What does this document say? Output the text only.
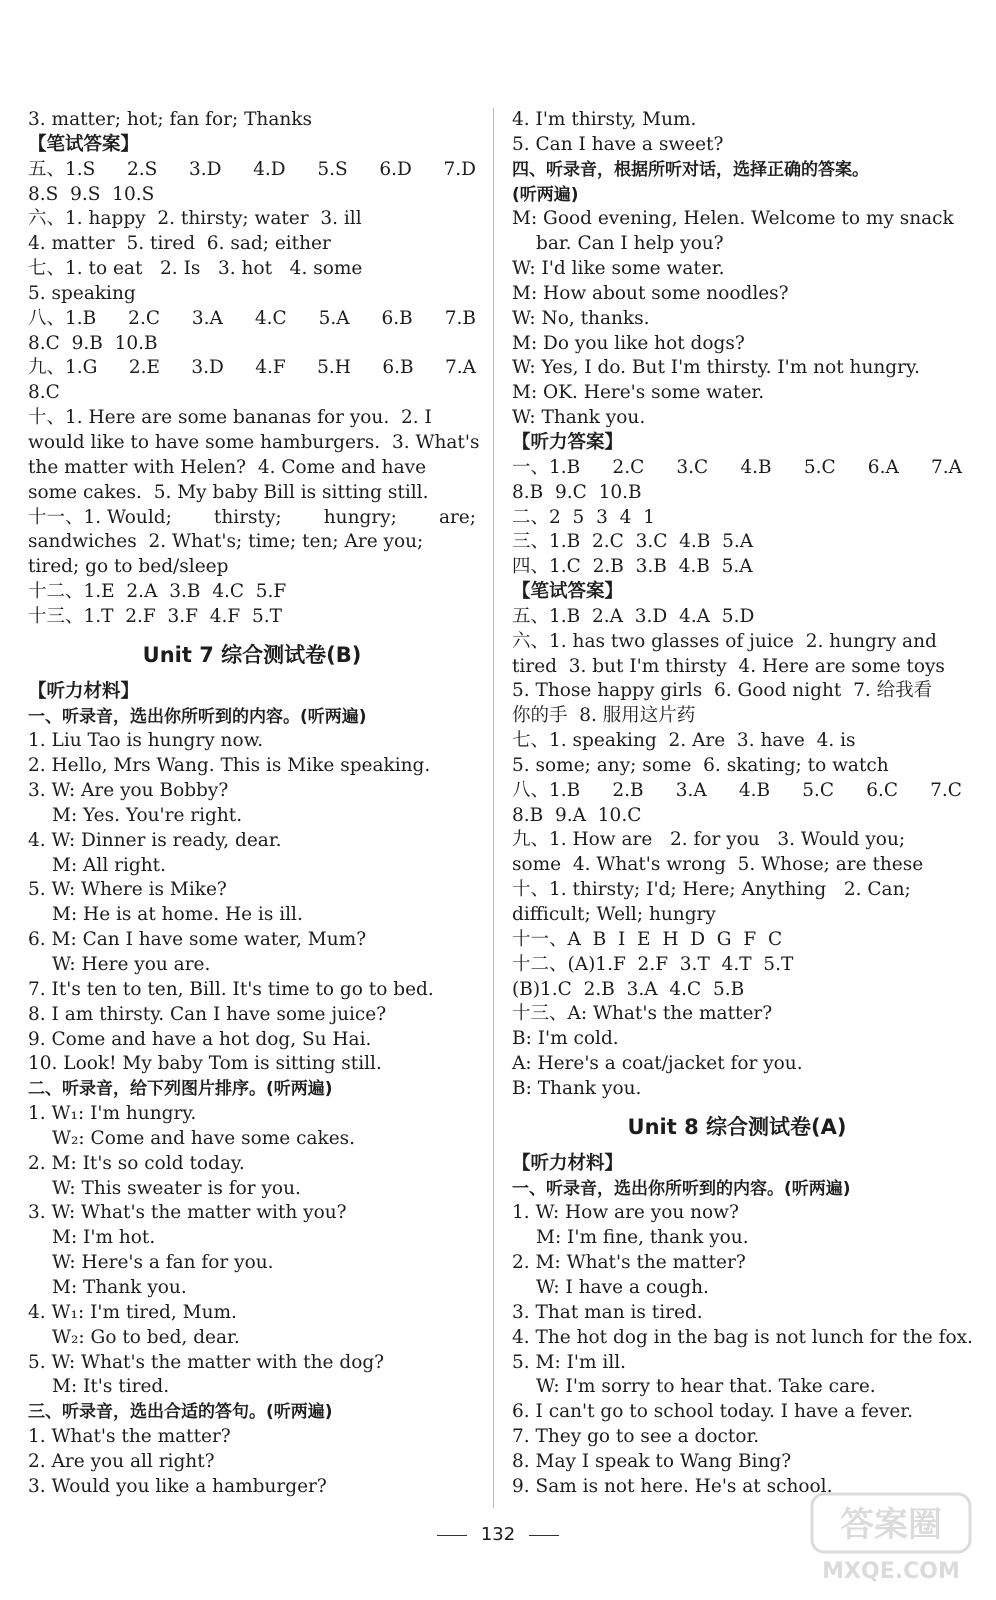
3. matter; hot; fan for; Thanks
【笔试答案】
五、1.S 2.S 3.D 4.D 5.S 6.D 7.D
8.S  9.S  10.S
六、1. happy  2. thirsty; water  3. ill
4. matter  5. tired  6. sad; either
七、1. to eat   2. Is   3. hot   4. some
5. speaking
八、1.B 2.C 3.A 4.C 5.A 6.B 7.B
8.C  9.B  10.B
九、1.G 2.E 3.D 4.F 5.H 6.B 7.A
8.C
十、1. Here are some bananas for you.  2. I
would like to have some hamburgers.  3. What's
the matter with Helen?  4. Come and have
some cakes.  5. My baby Bill is sitting still.
十一、1. Would; thirsty; hungry; are;
sandwiches  2. What's; time; ten; Are you;
tired; go to bed/sleep
十二、1.E  2.A  3.B  4.C  5.F
十三、1.T  2.F  3.F  4.F  5.T
Unit 7 综合测试卷(B)
【听力材料】
一、听录音，选出你所听到的内容。(听两遍)
1. Liu Tao is hungry now.
2. Hello, Mrs Wang. This is Mike speaking.
3. W: Are you Bobby?
M: Yes. You're right.
4. W: Dinner is ready, dear.
M: All right.
5. W: Where is Mike?
M: He is at home. He is ill.
6. M: Can I have some water, Mum?
W: Here you are.
7. It's ten to ten, Bill. It's time to go to bed.
8. I am thirsty. Can I have some juice?
9. Come and have a hot dog, Su Hai.
10. Look! My baby Tom is sitting still.
二、听录音，给下列图片排序。(听两遍)
1. W₁: I'm hungry.
W₂: Come and have some cakes.
2. M: It's so cold today.
W: This sweater is for you.
3. W: What's the matter with you?
M: I'm hot.
W: Here's a fan for you.
M: Thank you.
4. W₁: I'm tired, Mum.
W₂: Go to bed, dear.
5. W: What's the matter with the dog?
M: It's tired.
三、听录音，选出合适的答句。(听两遍)
1. What's the matter?
2. Are you all right?
3. Would you like a hamburger?
4. I'm thirsty, Mum.
5. Can I have a sweet?
四、听录音，根据所听对话，选择正确的答案。
(听两遍)
M: Good evening, Helen. Welcome to my snack
bar. Can I help you?
W: I'd like some water.
M: How about some noodles?
W: No, thanks.
M: Do you like hot dogs?
W: Yes, I do. But I'm thirsty. I'm not hungry.
M: OK. Here's some water.
W: Thank you.
【听力答案】
一、1.B 2.C 3.C 4.B 5.C 6.A 7.A
8.B  9.C  10.B
二、2  5  3  4  1
三、1.B  2.C  3.C  4.B  5.A
四、1.C  2.B  3.B  4.B  5.A
【笔试答案】
五、1.B  2.A  3.D  4.A  5.D
六、1. has two glasses of juice  2. hungry and
tired  3. but I'm thirsty  4. Here are some toys
5. Those happy girls  6. Good night  7. 给我看
你的手  8. 服用这片药
七、1. speaking  2. Are  3. have  4. is
5. some; any; some  6. skating; to watch
八、1.B 2.B 3.A 4.B 5.C 6.C 7.C
8.B  9.A  10.C
九、1. How are   2. for you   3. Would you;
some  4. What's wrong  5. Whose; are these
十、1. thirsty; I'd; Here; Anything   2. Can;
difficult; Well; hungry
十一、A  B  I  E  H  D  G  F  C
十二、(A)1.F  2.F  3.T  4.T  5.T
(B)1.C  2.B  3.A  4.C  5.B
十三、A: What's the matter?
B: I'm cold.
A: Here's a coat/jacket for you.
B: Thank you.
Unit 8 综合测试卷(A)
【听力材料】
一、听录音，选出你所听到的内容。(听两遍)
1. W: How are you now?
M: I'm fine, thank you.
2. M: What's the matter?
W: I have a cough.
3. That man is tired.
4. The hot dog in the bag is not lunch for the fox.
5. M: I'm ill.
W: I'm sorry to hear that. Take care.
6. I can't go to school today. I have a fever.
7. They go to see a doctor.
8. May I speak to Wang Bing?
9. Sam is not here. He's at school.
132	答案圈
MXQE.COM
